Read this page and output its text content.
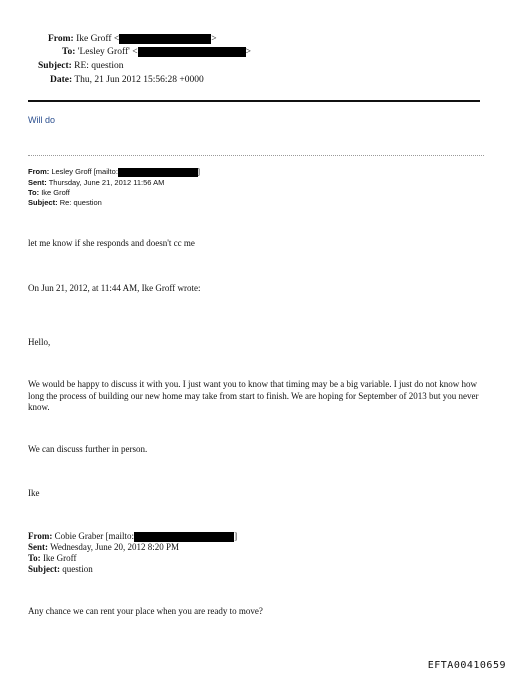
From: Ike Groff <	>
To: 'Lesley Groff' <	>
Subject: RE: question
Date: Thu, 21 Jun 2012 15:56:28 +0000
Will do
From: Lesley Groff [mailto:	]
Sent: Thursday, June 21, 2012 11:56 AM
To: Ike Groff
Subject: Re: question
let me know if she responds and doesn't cc me
On Jun 21, 2012, at 11:44 AM, Ike Groff wrote:
Hello,
We would be happy to discuss it with you. I just want you to know that timing may be a big variable. I just do not know how long the process of building our new home may take from start to finish. We are hoping for September of 2013 but you never know.
We can discuss further in person.
Ike
From: Cobie Graber [mailto:	]
Sent: Wednesday, June 20, 2012 8:20 PM
To: Ike Groff
Subject: question
Any chance we can rent your place when you are ready to move?
EFTA00410659
